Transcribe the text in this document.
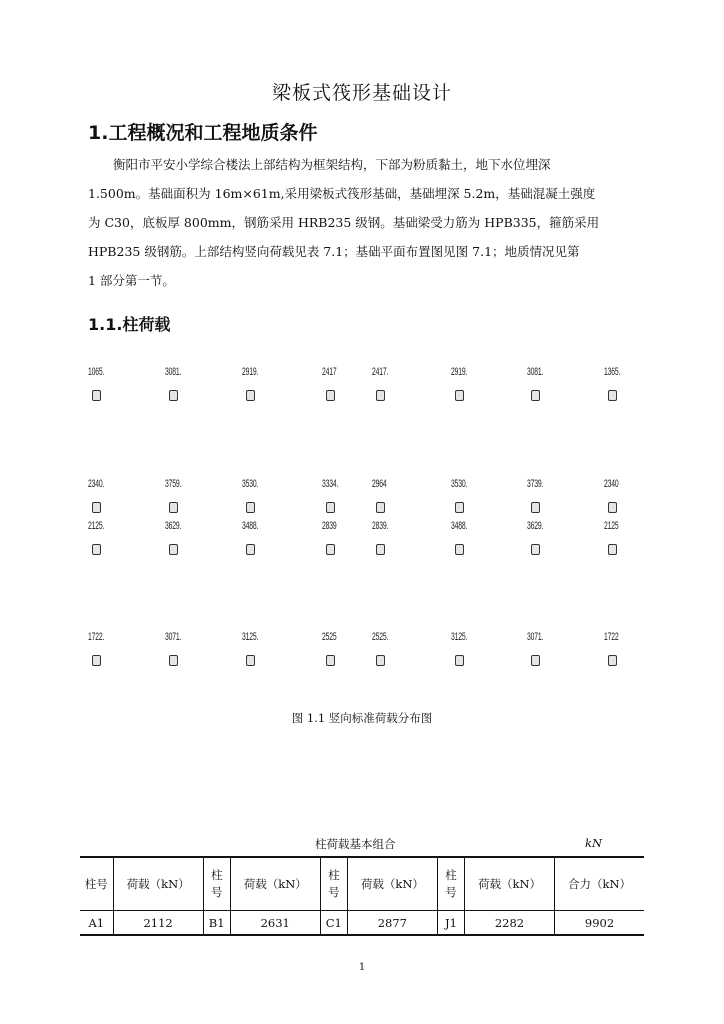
梁板式筏形基础设计
1.工程概况和工程地质条件
衡阳市平安小学综合楼法上部结构为框架结构，下部为粉质黏土，地下水位埋深
1.500m。基础面积为 16m×61m,采用梁板式筏形基础，基础埋深 5.2m，基础混凝土强度
为 C30，底板厚 800mm，钢筋采用 HRB235 级钢。基础梁受力筋为 HPB335，箍筋采用
HPB235 级钢筋。上部结构竖向荷载见表 7.1；基础平面布置图见图 7.1；地质情况见第
1 部分第一节。
1.1.柱荷载
1065.	3081.	2919.	2417	2417.	2919.	3081.	1365.
2340.	3759.	3530.	3334.	2964	3530.	3739.	2340
2125.	3629.	3488.	2839	2839.	3488.	3629.	2125
1722.	3071.	3125.	2525	2525.	3125.	3071.	1722
图 1.1 竖向标准荷载分布图
柱荷载基本组合	kN
柱号	荷载（kN）	柱号	荷载（kN）	柱号	荷载（kN）	柱号	荷载（kN）	合力（kN）
A1	2112	B1	2631	C1	2877	J1	2282	9902
1
